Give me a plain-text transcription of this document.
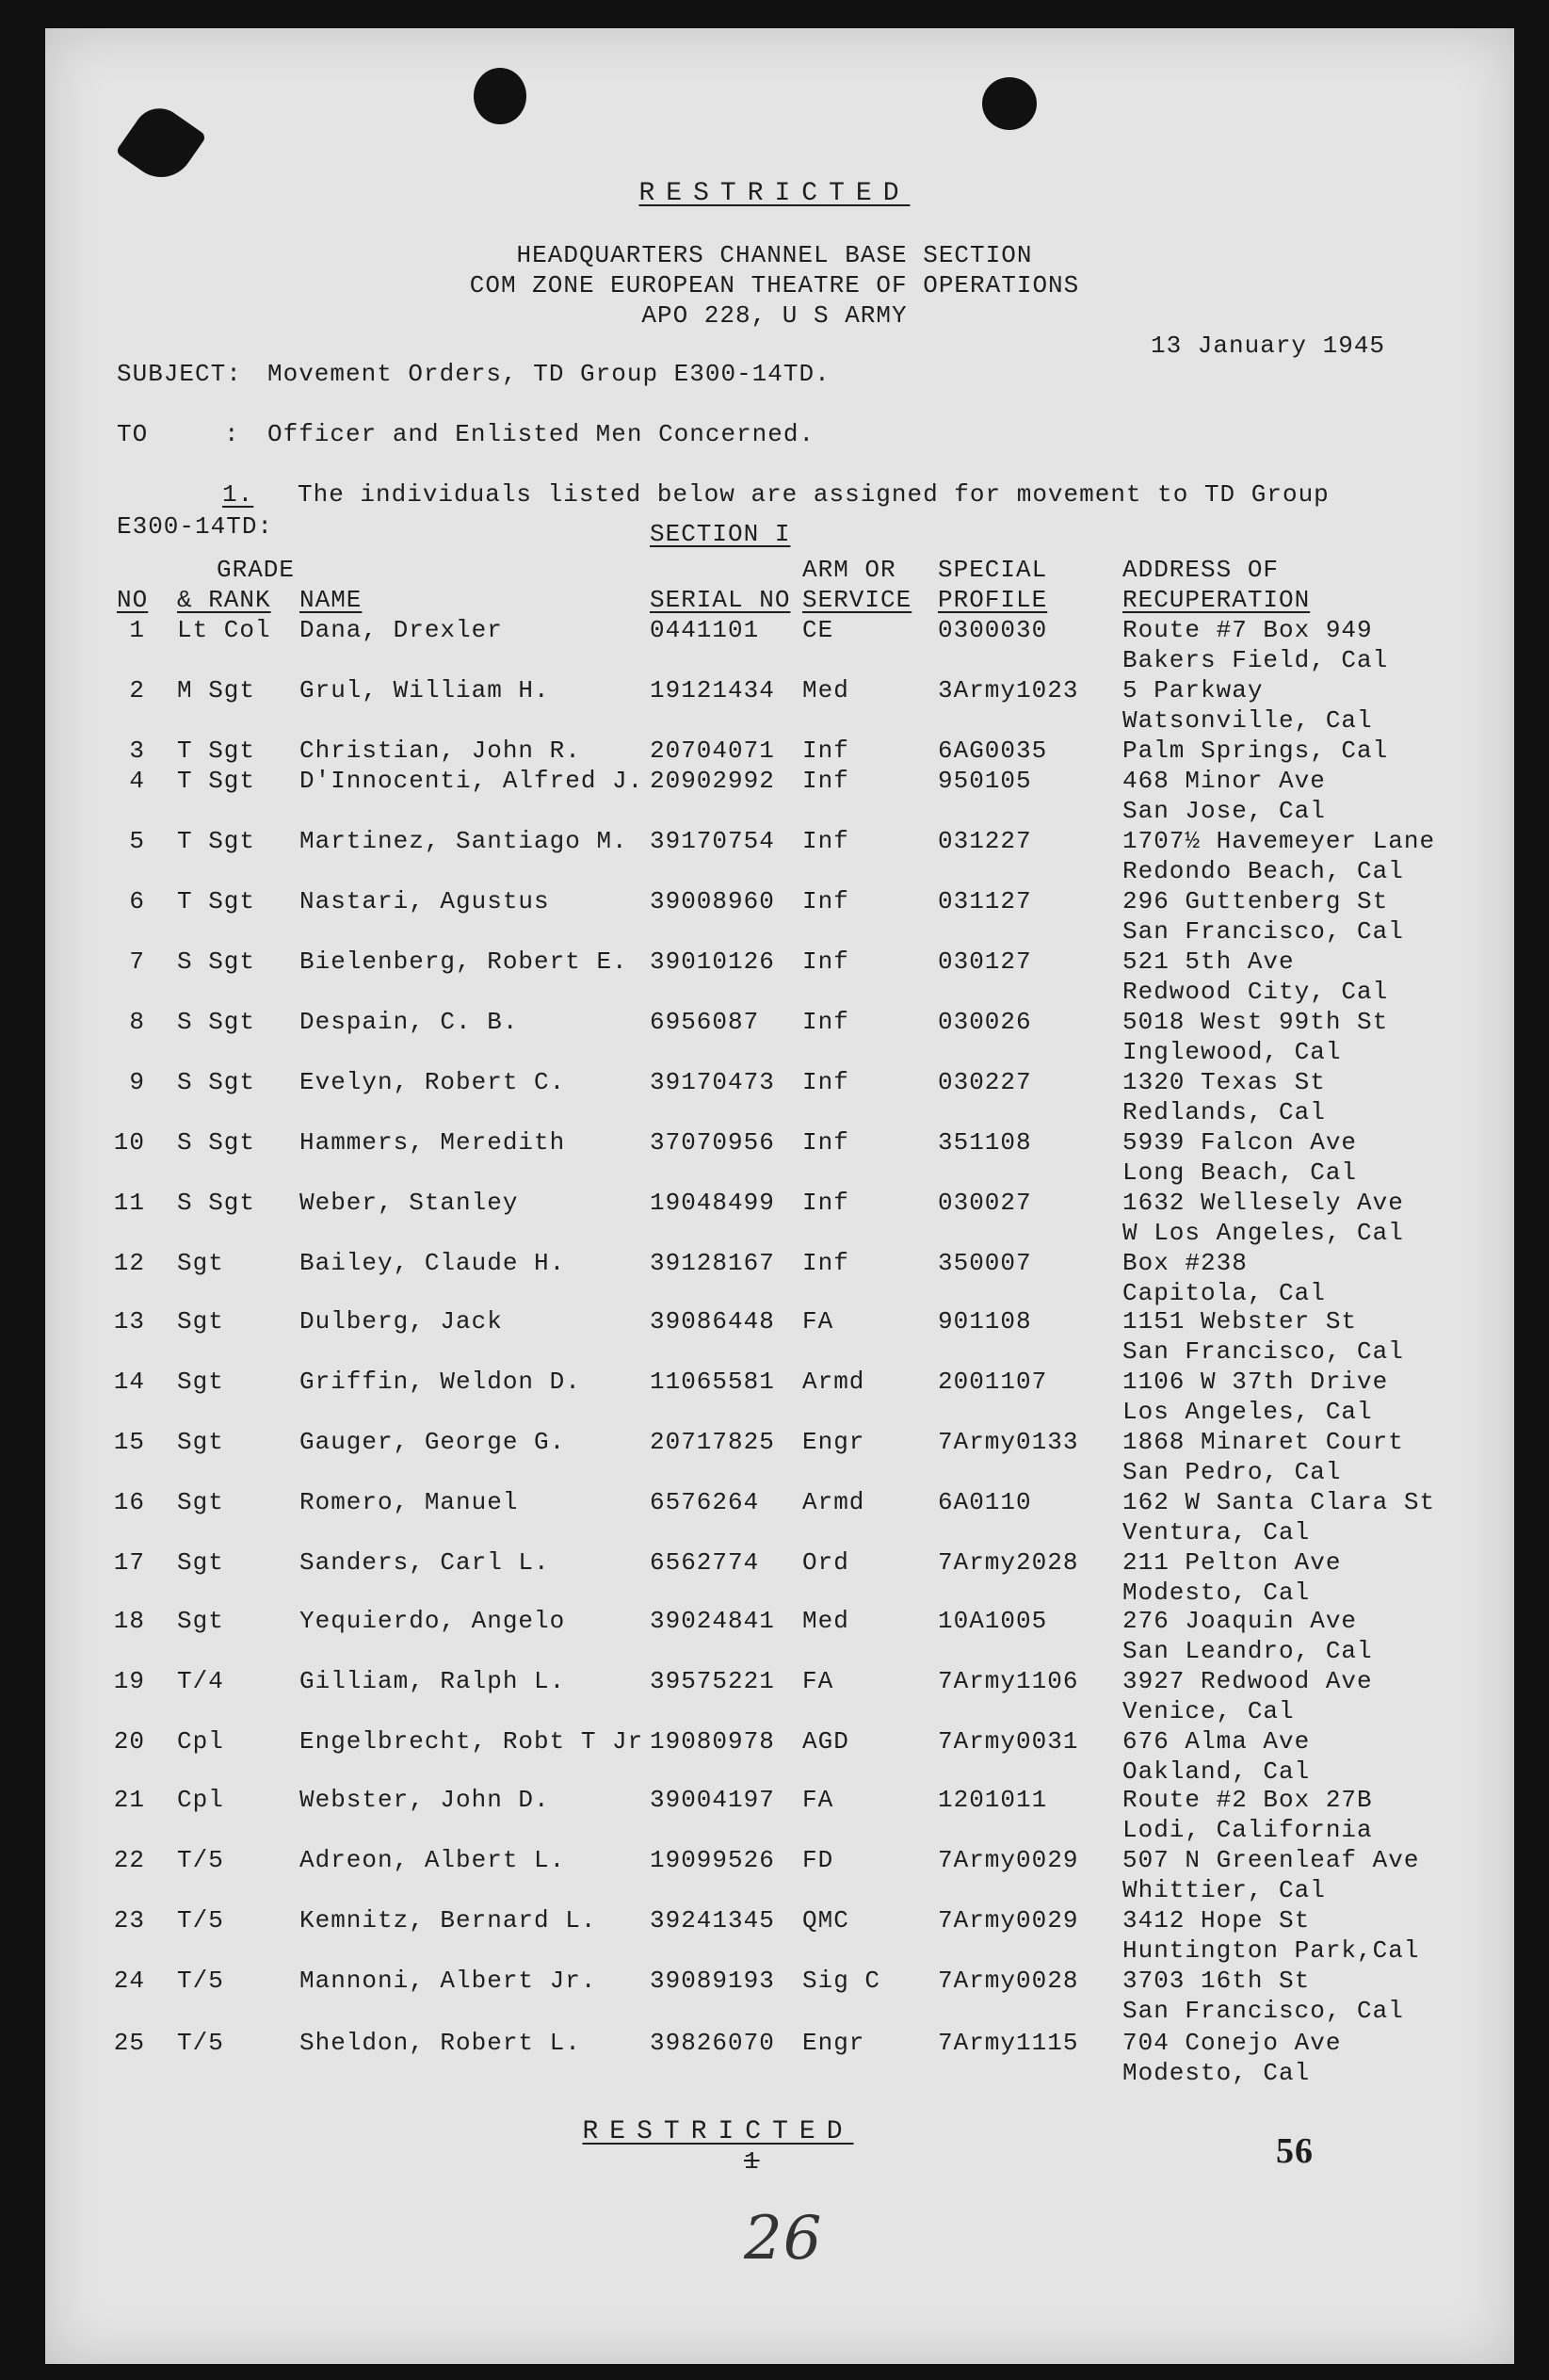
RESTRICTED
HEADQUARTERS CHANNEL BASE SECTION
COM ZONE EUROPEAN THEATRE OF OPERATIONS
APO 228, U S ARMY
13 January 1945
SUBJECT: Movement Orders, TD Group E300-14TD.
TO	: Officer and Enlisted Men Concerned.
1. The individuals listed below are assigned for movement to TD Group
E300-14TD:	SECTION I
GRADE	ARM OR SPECIAL	ADDRESS OF
NO & RANK NAME	SERIAL NO SERVICE PROFILE	RECUPERATION
1 Lt Col Dana, Drexler	0441101 CE	0300030	Route #7 Box 949
Bakers Field, Cal
2 M Sgt Grul, William H.	19121434 Med	3Army1023 5 Parkway
Watsonville, Cal
3 T Sgt Christian, John R.	20704071 Inf	6AG0035	Palm Springs, Cal
4 T Sgt D'Innocenti, Alfred J. 20902992 Inf	950105	468 Minor Ave
San Jose, Cal
5 T Sgt Martinez, Santiago M. 39170754 Inf	031227	1707½ Havemeyer Lane
Redondo Beach, Cal
6 T Sgt Nastari, Agustus	39008960 Inf	031127	296 Guttenberg St
San Francisco, Cal
7 S Sgt Bielenberg, Robert E. 39010126 Inf	030127	521 5th Ave
Redwood City, Cal
8 S Sgt Despain, C. B.	6956087 Inf	030026	5018 West 99th St
Inglewood, Cal
9 S Sgt Evelyn, Robert C.	39170473 Inf	030227	1320 Texas St
Redlands, Cal
10 S Sgt Hammers, Meredith	37070956 Inf	351108	5939 Falcon Ave
Long Beach, Cal
11 S Sgt Weber, Stanley	19048499 Inf	030027	1632 Wellesely Ave
W Los Angeles, Cal
12 Sgt	Bailey, Claude H.	39128167 Inf	350007	Box #238
Capitola, Cal
13 Sgt	Dulberg, Jack	39086448 FA	901108	1151 Webster St
San Francisco, Cal
14 Sgt	Griffin, Weldon D.	11065581 Armd	2001107	1106 W 37th Drive
Los Angeles, Cal
15 Sgt	Gauger, George G.	20717825 Engr	7Army0133 1868 Minaret Court
San Pedro, Cal
16 Sgt	Romero, Manuel	6576264 Armd	6A0110	162 W Santa Clara St
Ventura, Cal
17 Sgt	Sanders, Carl L.	6562774 Ord	7Army2028 211 Pelton Ave
Modesto, Cal
18 Sgt	Yequierdo, Angelo	39024841 Med	10A1005	276 Joaquin Ave
San Leandro, Cal
19 T/4	Gilliam, Ralph L.	39575221 FA	7Army1106 3927 Redwood Ave
Venice, Cal
20 Cpl	Engelbrecht, Robt T Jr 19080978 AGD	7Army0031 676 Alma Ave
Oakland, Cal
21 Cpl	Webster, John D.	39004197 FA	1201011	Route #2 Box 27B
Lodi, California
22 T/5	Adreon, Albert L.	19099526 FD	7Army0029 507 N Greenleaf Ave
Whittier, Cal
23 T/5	Kemnitz, Bernard L. 39241345 QMC	7Army0029 3412 Hope St
Huntington Park,Cal
24 T/5	Mannoni, Albert Jr. 39089193 Sig C 7Army0028 3703 16th St
San Francisco, Cal
25 T/5	Sheldon, Robert L.	39826070 Engr	7Army1115 704 Conejo Ave
Modesto, Cal
RESTRICTED
1	56
26
